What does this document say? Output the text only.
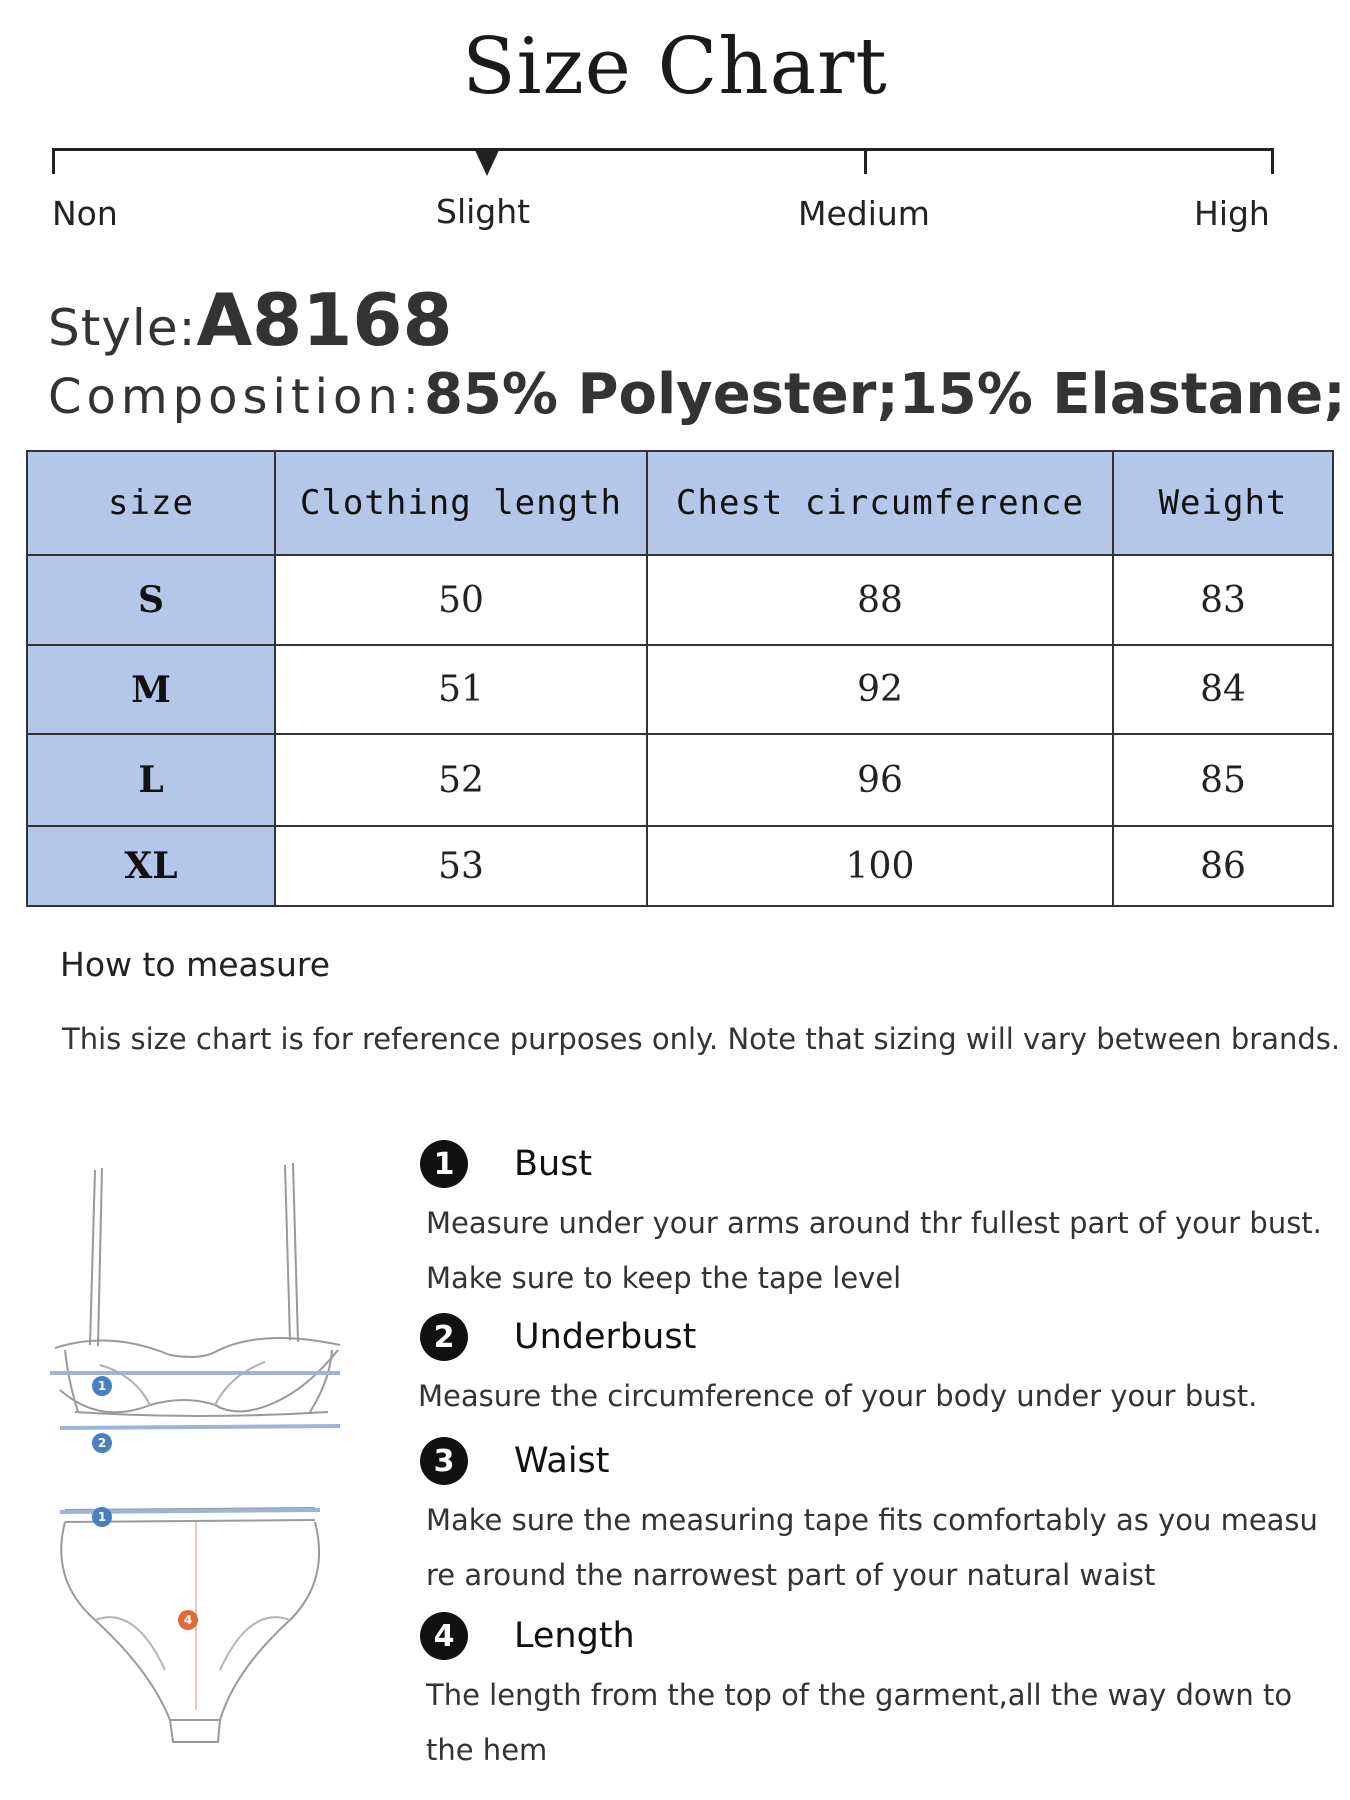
Size Chart
Non	Slight	Medium	High
Style:A8168
Composition:85% Polyester;15% Elastane;
size	Clothing length	Chest circumference	Weight
S	50	88	83
M	51	92	84
L	52	96	85
XL	53	100	86
How to measure
This size chart is for reference purposes only. Note that sizing will vary between brands.
1
2
1
4
1	Bust
Measure under your arms around thr fullest part of your bust.
Make sure to keep the tape level
2	Underbust
Measure the circumference of your body under your bust.
3	Waist
Make sure the measuring tape fits comfortably as you measu
re around the narrowest part of your natural waist
4	Length
The length from the top of the garment,all the way down to
the hem
